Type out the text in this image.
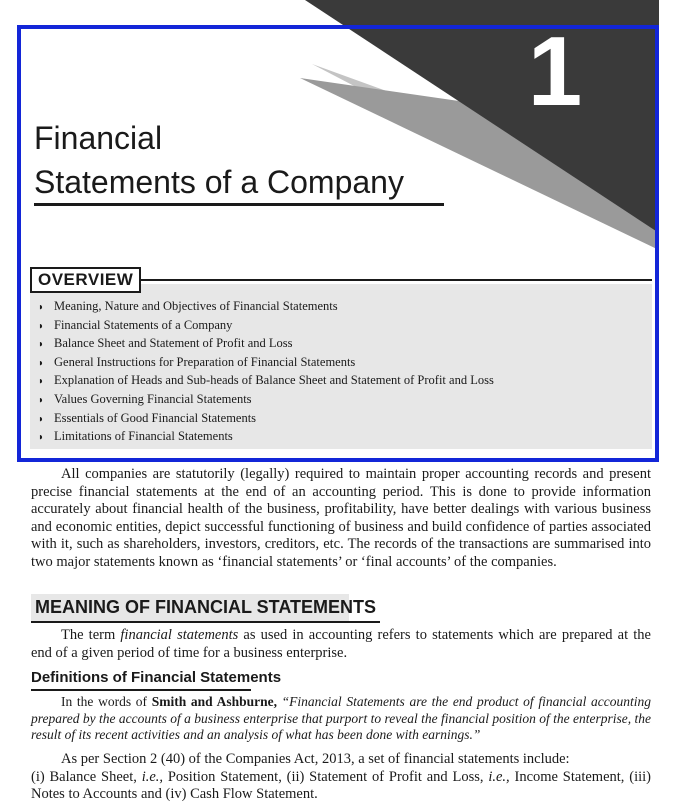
1
Financial
Statements of a Company
OVERVIEW
◗ Meaning, Nature and Objectives of Financial Statements
◗ Financial Statements of a Company
◗ Balance Sheet and Statement of Profit and Loss
◗ General Instructions for Preparation of Financial Statements
◗ Explanation of Heads and Sub-heads of Balance Sheet and Statement of Profit and Loss
◗ Values Governing Financial Statements
◗ Essentials of Good Financial Statements
◗ Limitations of Financial Statements

All companies are statutorily (legally) required to maintain proper accounting records and present precise financial statements at the end of an accounting period. This is done to provide information accurately about financial health of the business, profitability, have better dealings with various business and economic entities, depict successful functioning of business and build confidence of parties associated with it, such as shareholders, investors, creditors, etc. The records of the transactions are summarised into two major statements known as ‘financial statements’ or ‘final accounts’ of the companies.

MEANING OF FINANCIAL STATEMENTS

The term financial statements as used in accounting refers to statements which are prepared at the end of a given period of time for a business enterprise.

Definitions of Financial Statements

In the words of Smith and Ashburne, “Financial Statements are the end product of financial accounting prepared by the accounts of a business enterprise that purport to reveal the financial position of the enterprise, the result of its recent activities and an analysis of what has been done with earnings.”

As per Section 2 (40) of the Companies Act, 2013, a set of financial statements include:
(i) Balance Sheet, i.e., Position Statement, (ii) Statement of Profit and Loss, i.e., Income Statement, (iii) Notes to Accounts and (iv) Cash Flow Statement.
